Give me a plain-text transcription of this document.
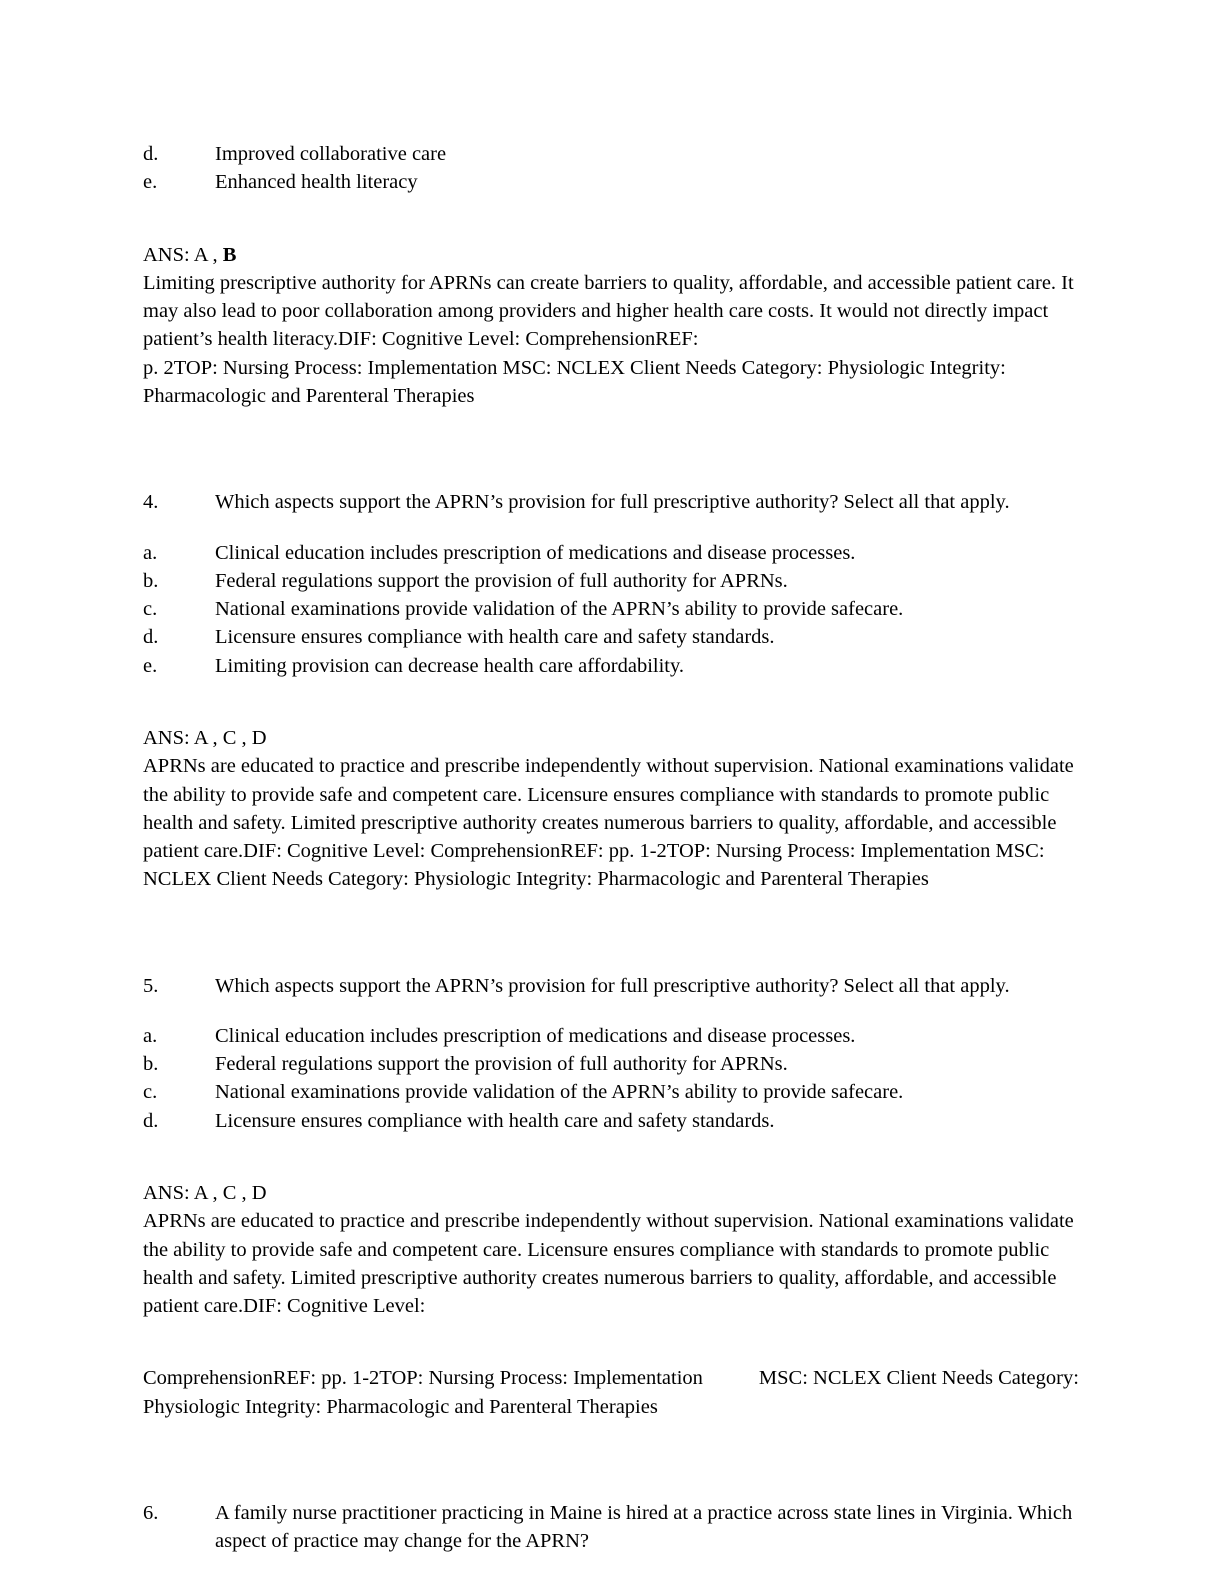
d.	Improved collaborative care
e.	Enhanced health literacy
ANS: A , B
Limiting prescriptive authority for APRNs can create barriers to quality, affordable, and accessible patient care. It may also lead to poor collaboration among providers and higher health care costs. It would not directly impact patient’s health literacy.DIF: Cognitive Level: ComprehensionREF:
p. 2TOP: Nursing Process: Implementation MSC: NCLEX Client Needs Category: Physiologic Integrity: Pharmacologic and Parenteral Therapies
4.	Which aspects support the APRN’s provision for full prescriptive authority? Select all that apply.
a.	Clinical education includes prescription of medications and disease processes.
b.	Federal regulations support the provision of full authority for APRNs.
c.	National examinations provide validation of the APRN’s ability to provide safecare.
d.	Licensure ensures compliance with health care and safety standards.
e.	Limiting provision can decrease health care affordability.
ANS: A , C , D
APRNs are educated to practice and prescribe independently without supervision. National examinations validate the ability to provide safe and competent care. Licensure ensures compliance with standards to promote public health and safety. Limited prescriptive authority creates numerous barriers to quality, affordable, and accessible patient care.DIF: Cognitive Level: ComprehensionREF: pp. 1-2TOP: Nursing Process: Implementation MSC: NCLEX Client Needs Category: Physiologic Integrity: Pharmacologic and Parenteral Therapies
5.	Which aspects support the APRN’s provision for full prescriptive authority? Select all that apply.
a.	Clinical education includes prescription of medications and disease processes.
b.	Federal regulations support the provision of full authority for APRNs.
c.	National examinations provide validation of the APRN’s ability to provide safecare.
d.	Licensure ensures compliance with health care and safety standards.
ANS: A , C , D
APRNs are educated to practice and prescribe independently without supervision. National examinations validate the ability to provide safe and competent care. Licensure ensures compliance with standards to promote public health and safety. Limited prescriptive authority creates numerous barriers to quality, affordable, and accessible patient care.DIF: Cognitive Level:
ComprehensionREF: pp. 1-2TOP: Nursing Process: Implementation	MSC: NCLEX Client Needs Category: Physiologic Integrity: Pharmacologic and Parenteral Therapies
6.	A family nurse practitioner practicing in Maine is hired at a practice across state lines in Virginia. Which aspect of practice may change for the APRN?
